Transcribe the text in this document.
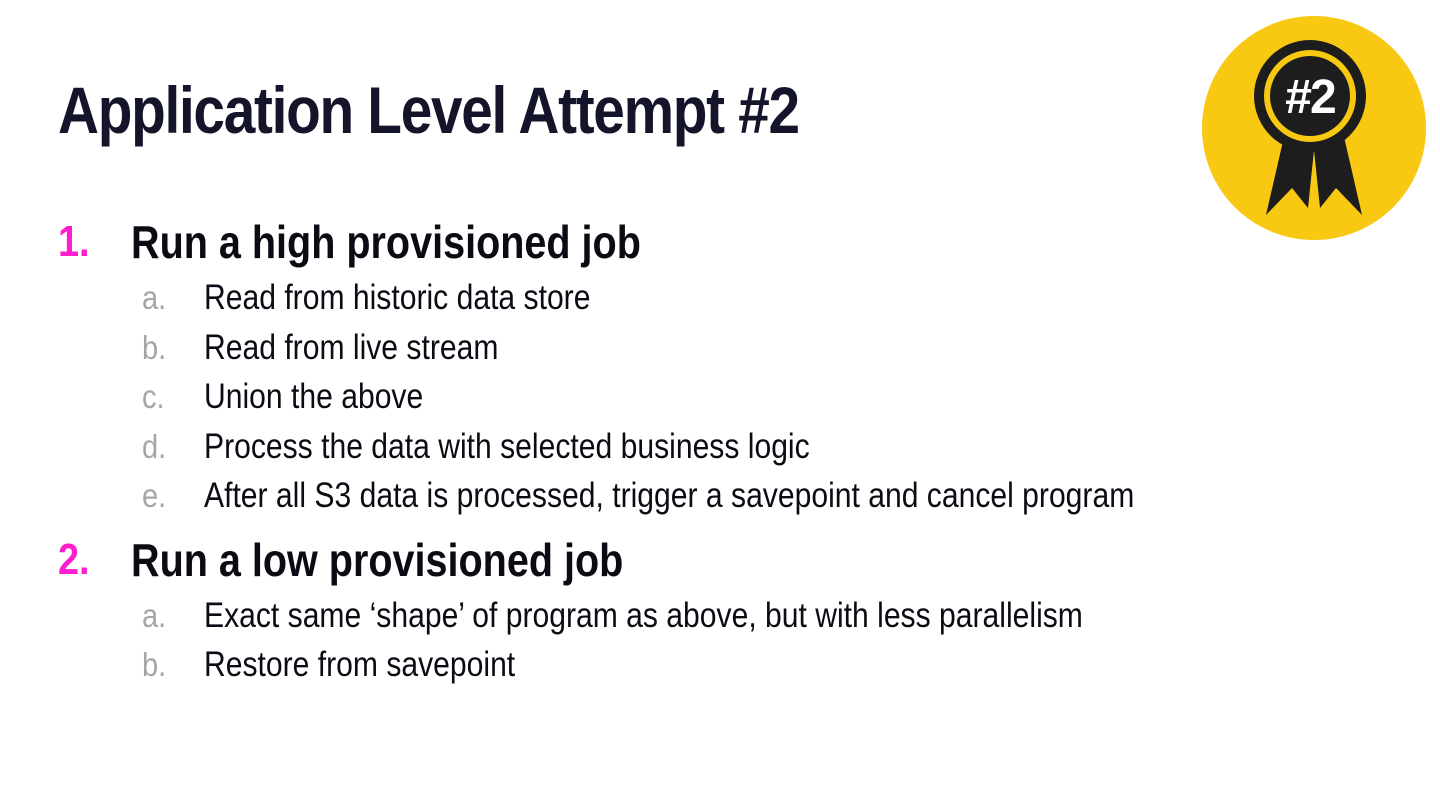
Application Level Attempt #2	#2
1. Run a high provisioned job
a. Read from historic data store
b. Read from live stream
c. Union the above
d. Process the data with selected business logic
e. After all S3 data is processed, trigger a savepoint and cancel program
2. Run a low provisioned job
a. Exact same ‘shape’ of program as above, but with less parallelism
b. Restore from savepoint
